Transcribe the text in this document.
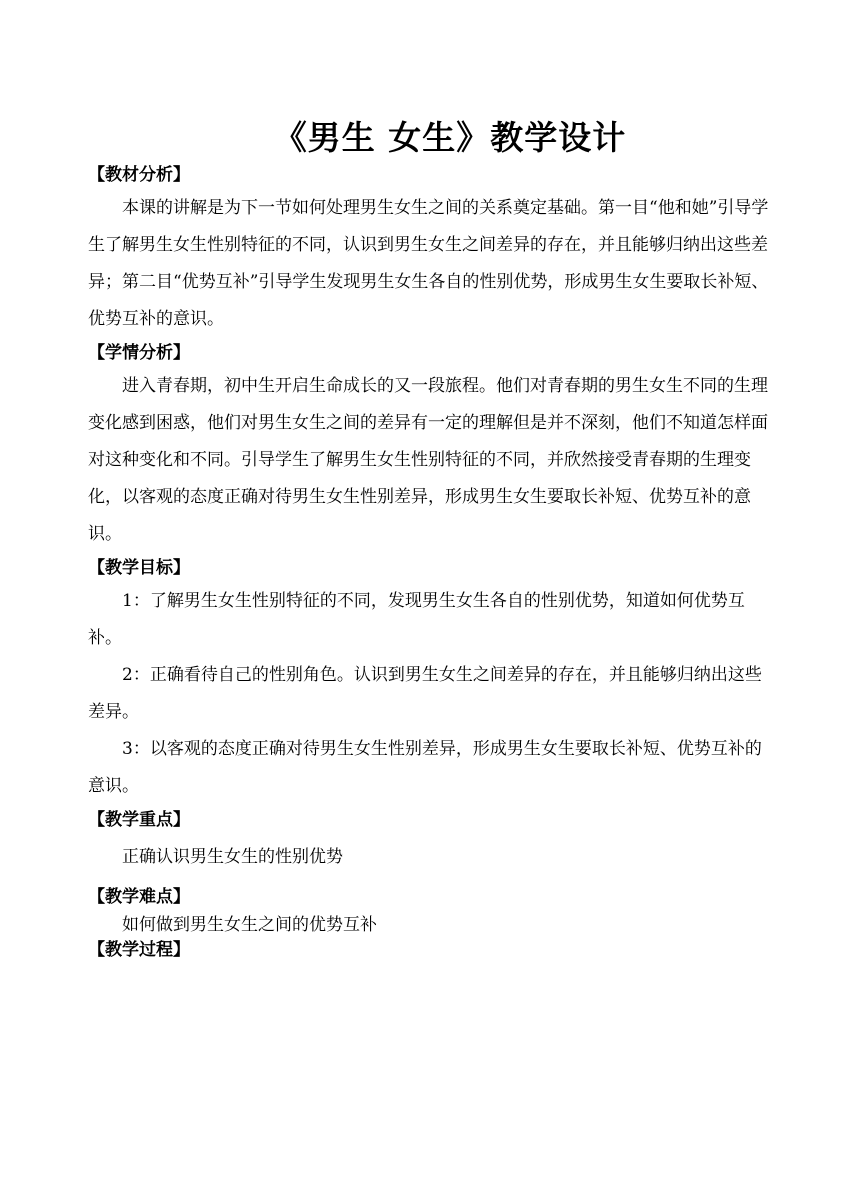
《男生 女生》教学设计
【教材分析】

本课的讲解是为下一节如何处理男生女生之间的关系奠定基础。第一目“他和她”引导学生了解男生女生性别特征的不同，认识到男生女生之间差异的存在，并且能够归纳出这些差异；第二目“优势互补”引导学生发现男生女生各自的性别优势，形成男生女生要取长补短、优势互补的意识。

【学情分析】

进入青春期，初中生开启生命成长的又一段旅程。他们对青春期的男生女生不同的生理变化感到困惑，他们对男生女生之间的差异有一定的理解但是并不深刻，他们不知道怎样面对这种变化和不同。引导学生了解男生女生性别特征的不同，并欣然接受青春期的生理变化，以客观的态度正确对待男生女生性别差异，形成男生女生要取长补短、优势互补的意识。

【教学目标】

1：了解男生女生性别特征的不同，发现男生女生各自的性别优势，知道如何优势互补。

2：正确看待自己的性别角色。认识到男生女生之间差异的存在，并且能够归纳出这些差异。

3：以客观的态度正确对待男生女生性别差异，形成男生女生要取长补短、优势互补的意识。

【教学重点】
正确认识男生女生的性别优势
【教学难点】
如何做到男生女生之间的优势互补
【教学过程】
